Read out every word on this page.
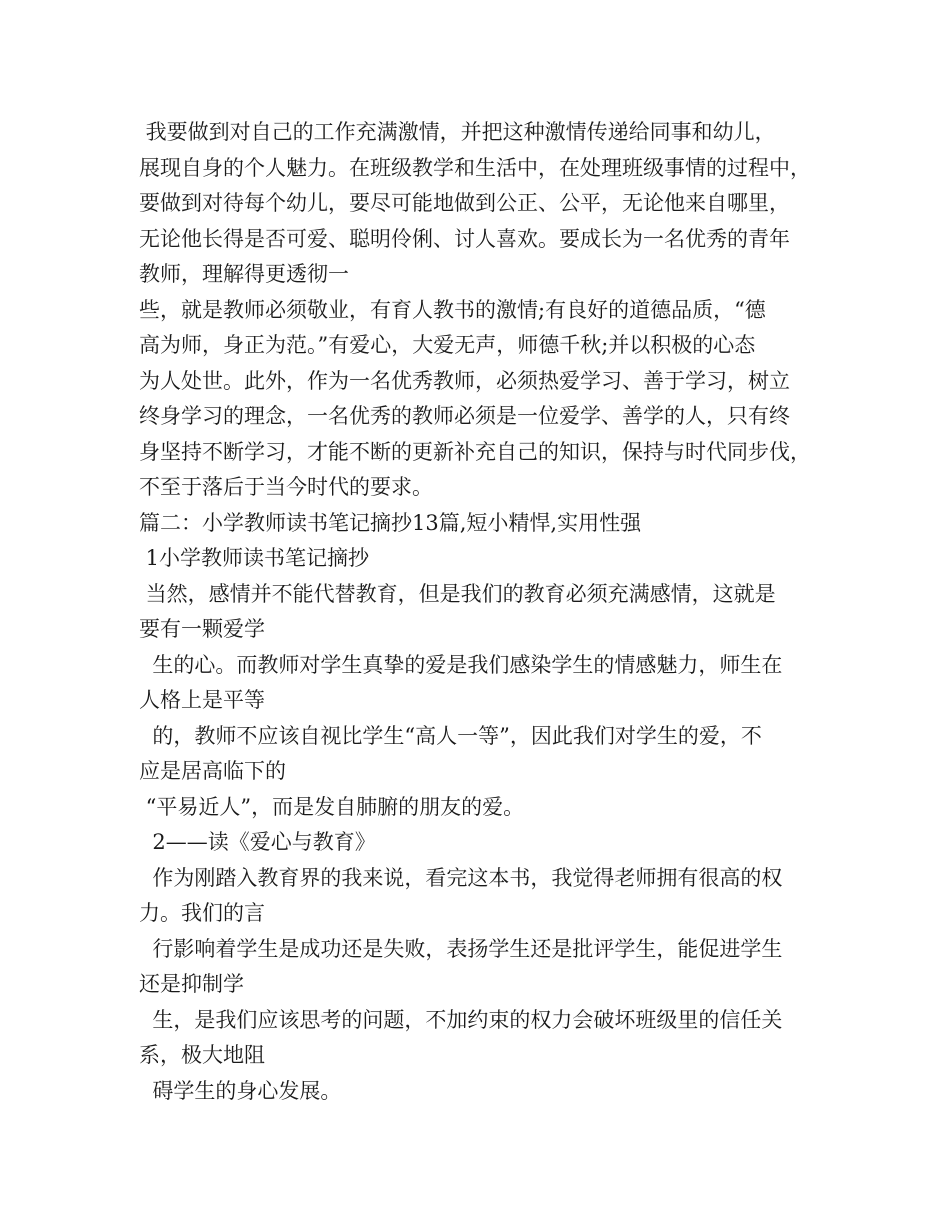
我要做到对自己的工作充满激情，并把这种激情传递给同事和幼儿，

展现自身的个人魅力。在班级教学和生活中，在处理班级事情的过程中，

要做到对待每个幼儿，要尽可能地做到公正、公平，无论他来自哪里，

无论他长得是否可爱、聪明伶俐、讨人喜欢。要成长为一名优秀的青年

教师，理解得更透彻一

些，就是教师必须敬业，有育人教书的激情;有良好的道德品质，“德

高为师，身正为范。”有爱心，大爱无声，师德千秋;并以积极的心态

为人处世。此外，作为一名优秀教师，必须热爱学习、善于学习，树立

终身学习的理念，一名优秀的教师必须是一位爱学、善学的人，只有终

身坚持不断学习，才能不断的更新补充自己的知识，保持与时代同步伐，

不至于落后于当今时代的要求。

篇二：小学教师读书笔记摘抄13篇,短小精悍,实用性强

1小学教师读书笔记摘抄

当然，感情并不能代替教育，但是我们的教育必须充满感情，这就是

要有一颗爱学

生的心。而教师对学生真挚的爱是我们感染学生的情感魅力，师生在

人格上是平等

的，教师不应该自视比学生“高人一等”，因此我们对学生的爱，不

应是居高临下的

“平易近人”，而是发自肺腑的朋友的爱。

2——读《爱心与教育》

作为刚踏入教育界的我来说，看完这本书，我觉得老师拥有很高的权

力。我们的言

行影响着学生是成功还是失败，表扬学生还是批评学生，能促进学生

还是抑制学

生，是我们应该思考的问题，不加约束的权力会破坏班级里的信任关

系，极大地阻

碍学生的身心发展。
